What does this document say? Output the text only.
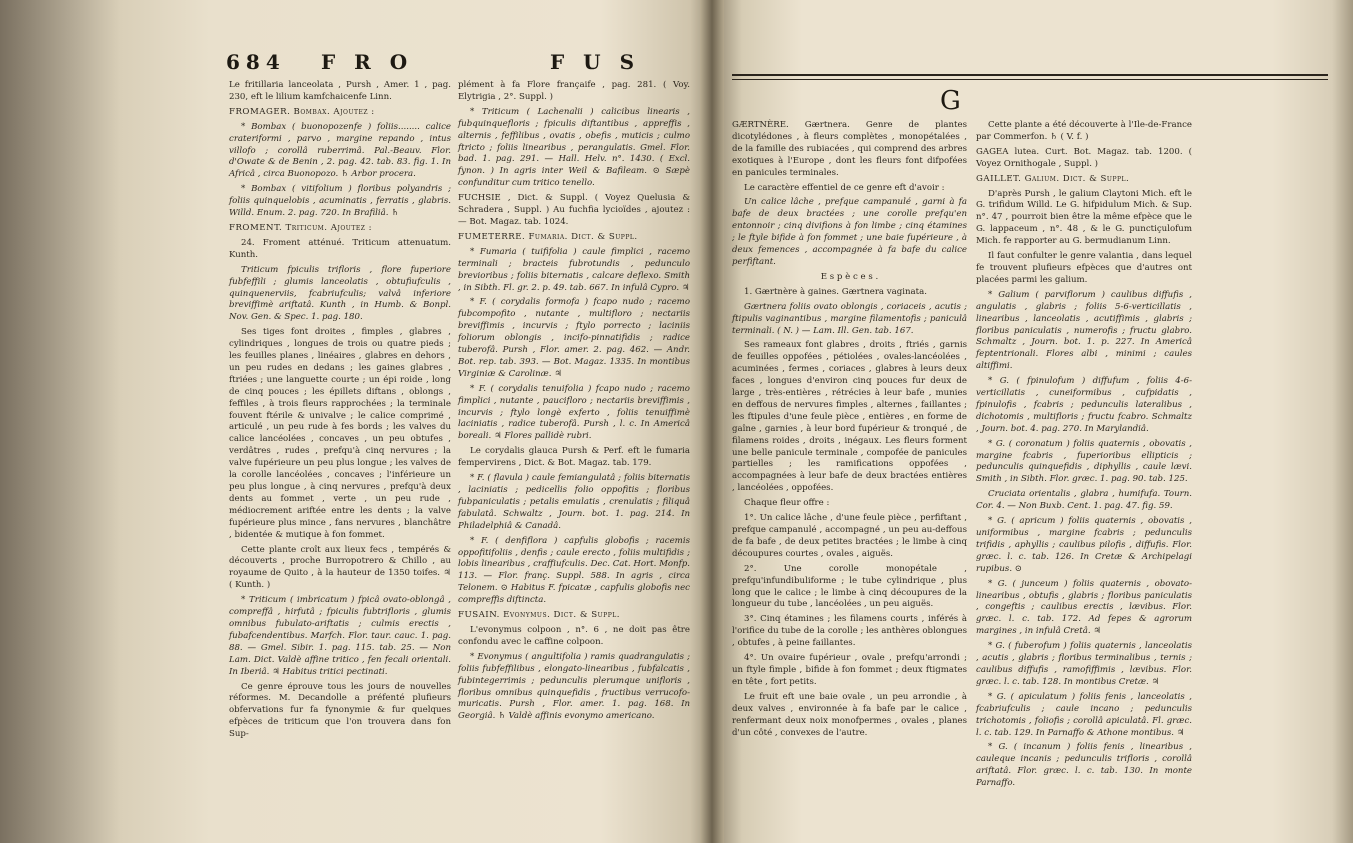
684 F R O	F U S

Le fritillaria lanceolata , Pursh , Amer. 1 , pag. 230, eft le lilium kamfchaicenfe Linn.

FROMAGER. Bombax. Ajoutez :

* Bombax ( buonopozenfe ) foliis........ calice crateriformi , parvo , margine repando , intus villofo ; corollâ ruberrimâ. Pal.-Beauv. Flor. d'Owate & de Benin , 2. pag. 42. tab. 83. fig. 1. In Africâ , circa Buonopozo. ♄ Arbor procera.

* Bombax ( vitifolium ) floribus polyandris ; foliis quinquelobis , acuminatis , ferratis , glabris. Willd. Enum. 2. pag. 720. In Brafiliâ. ♄

FROMENT. Triticum. Ajoutez :

24. Froment atténué. Triticum attenuatum. Kunth.

Triticum fpiculis trifloris , flore fuperiore fubfeffili ; glumis lanceolatis , obtufiufculis , quinquenerviis, fcabriufculis; valvâ inferiore breviffimè ariftatâ. Kunth , in Humb. & Bonpl. Nov. Gen. & Spec. 1. pag. 180.

Ses tiges font droites , fimples , glabres , cylindriques , longues de trois ou quatre pieds ; les feuilles planes , linéaires , glabres en dehors , un peu rudes en dedans ; les gaines glabres , ftriées ; une languette courte ; un épi roide , long de cinq pouces ; les épillets diftans , oblongs , feffiles , à trois fleurs rapprochées ; la terminale fouvent ftérile & univalve ; le calice comprimé , articulé , un peu rude à fes bords ; les valves du calice lancéolées , concaves , un peu obtufes , verdâtres , rudes , prefqu'à cinq nervures ; la valve fupérieure un peu plus longue ; les valves de la corolle lancéolées , concaves ; l'inférieure un peu plus longue , à cinq nervures , prefqu'à deux dents au fommet , verte , un peu rude , médiocrement ariftée entre les dents ; la valve fupérieure plus mince , fans nervures , blanchâtre , bidentée & mutique à fon fommet.

Cette plante croît aux lieux fecs , tempérés & découverts , proche Burropotrero & Chillo , au royaume de Quito , à la hauteur de 1350 toifes. ♃ ( Kunth. )

* Triticum ( imbricatum ) fpicâ ovato-oblongâ , compreffâ , hirfutâ ; fpiculis fubtrifloris , glumis omnibus fubulato-ariftatis ; culmis erectis , fubafcendentibus. Marfch. Flor. taur. cauc. 1. pag. 88. — Gmel. Sibir. 1. pag. 115. tab. 25. — Non Lam. Dict. Valdè affine tritico , fen fecali orientali. In Iberiâ. ♃ Habitus tritici pectinati.

Ce genre éprouve tous les jours de nouvelles réformes. M. Decandolle a préfenté plufieurs obfervations fur fa fynonymie & fur quelques efpèces de triticum que l'on trouvera dans fon Sup-

plément à fa Flore françaife , pag. 281. ( Voy. Elytrigia , 2°. Suppl. )

* Triticum ( Lachenalii ) calicibus linearis , fubquinquefloris ; fpiculis diftantibus , appreffis , alternis , feffilibus , ovatis , obefis , muticis ; culmo ftricto ; foliis linearibus , perangulatis. Gmel. Flor. bad. 1. pag. 291. — Hall. Helv. n°. 1430. ( Excl. fynon. ) In agris inter Weil & Bafileam. ⊙ Sæpè confunditur cum tritico tenello.

FUCHSIE , Dict. & Suppl. ( Voyez Quelusia & Schradera , Suppl. ) Au fuchfia lycioïdes , ajoutez : — Bot. Magaz. tab. 1024.

FUMETERRE. Fumaria. Dict. & Suppl.

* Fumaria ( tuififolia ) caule fimplici , racemo terminali ; bracteis fubrotundis , pedunculo brevioribus ; foliis biternatis , calcare deflexo. Smith , in Sibth. Fl. gr. 2. p. 49. tab. 667. In infulâ Cypro. ♃

* F. ( corydalis formofa ) fcapo nudo ; racemo fubcompofito , nutante , multifloro ; nectariis breviffimis , incurvis ; ftylo porrecto ; laciniis foliorum oblongis , incifo-pinnatifidis ; radice tuberofâ. Pursh , Flor. amer. 2. pag. 462. — Andr. Bot. rep. tab. 393. — Bot. Magaz. 1335. In montibus Virginiæ & Carolinæ. ♃

* F. ( corydalis tenuifolia ) fcapo nudo ; racemo fimplici , nutante , paucifloro ; nectariis breviffimis , incurvis ; ftylo longè exferto , foliis tenuiffimè laciniatis , radice tuberofâ. Pursh , l. c. In Americâ boreali. ♃ Flores pallidè rubri.

Le corydalis glauca Pursh & Perf. eft le fumaria fempervirens , Dict. & Bot. Magaz. tab. 179.

* F. ( flavula ) caule femiangulatâ ; foliis biternatis , laciniatis ; pedicellis folio oppofitis ; floribus fubpaniculatis ; petalis emulatis , crenulatis ; filiquâ fabulatâ. Schwaltz , Journ. bot. 1. pag. 214. In Philadelphiâ & Canadâ.

* F. ( denfiflora ) capfulis globofis ; racemis oppofitifoliis , denfis ; caule erecto , foliis multifidis ; lobis linearibus , craffiufculis. Dec. Cat. Hort. Monfp. 113. — Flor. franç. Suppl. 588. In agris , circa Telonem. ⊙ Habitus F. fpicatæ , capfulis globofis nec compreffis diftincta.

FUSAIN. Evonymus. Dict. & Suppl.

L'evonymus colpoon , n°. 6 , ne doit pas être confondu avec le caffine colpoon.

* Evonymus ( angultifolia ) ramis quadrangulatis ; foliis fubfeffilibus , elongato-linearibus , fubfalcatis , fubintegerrimis ; pedunculis plerumque unifloris , floribus omnibus quinquefidis , fructibus verrucofo-muricatis. Pursh , Flor. amer. 1. pag. 168. In Georgiâ. ♄ Valdè affinis evonymo americano.

G

GÆRTNÈRE. Gærtnera. Genre de plantes dicotylédones , à fleurs complètes , monopétalées , de la famille des rubiacées , qui comprend des arbres exotiques à l'Europe , dont les fleurs font difpofées en panicules terminales.

Le caractère effentiel de ce genre eft d'avoir :

Un calice lâche , prefque campanulé , garni à fa bafe de deux bractées ; une corolle prefqu'en entonnoir ; cinq divifions à fon limbe ; cinq étamines ; le ftyle bifide à fon fommet ; une baie fupérieure , à deux femences , accompagnée à fa bafe du calice perfiftant.

E s p è c e s .

1. Gærtnère à gaines. Gærtnera vaginata.

Gærtnera foliis ovato oblongis , coriaceis , acutis ; ftipulis vaginantibus , margine filamentofis ; paniculâ terminali. ( N. ) — Lam. Ill. Gen. tab. 167.

Ses rameaux font glabres , droits , ftriés , garnis de feuilles oppofées , pétiolées , ovales-lancéolées , acuminées , fermes , coriaces , glabres à leurs deux faces , longues d'environ cinq pouces fur deux de large , très-entières , rétrécies à leur bafe , munies en deffous de nervures fimples , alternes , faillantes ; les ftipules d'une feule pièce , entières , en forme de gaîne , garnies , à leur bord fupérieur & tronqué , de filamens roides , droits , inégaux. Les fleurs forment une belle panicule terminale , compofée de panicules partielles ; les ramifications oppofées , accompagnées à leur bafe de deux bractées entières , lancéolées , oppofées.

Chaque fleur offre :

1°. Un calice lâche , d'une feule pièce , perfiftant , prefque campanulé , accompagné , un peu au-deffous de fa bafe , de deux petites bractées ; le limbe à cinq découpures courtes , ovales , aiguës.

2°. Une corolle monopétale , prefqu'infundibuliforme ; le tube cylindrique , plus long que le calice ; le limbe à cinq découpures de la longueur du tube , lancéolées , un peu aiguës.

3°. Cinq étamines ; les filamens courts , inférés à l'orifice du tube de la corolle ; les anthères oblongues , obtufes , à peine faillantes.

4°. Un ovaire fupérieur , ovale , prefqu'arrondi ; un ftyle fimple , bifide à fon fommet ; deux ftigmates en tête , fort petits.

Le fruit eft une baie ovale , un peu arrondie , à deux valves , environnée à fa bafe par le calice , renfermant deux noix monofpermes , ovales , planes d'un côté , convexes de l'autre.

Cette plante a été découverte à l'Ile-de-France par Commerfon. ♄ ( V. f. )

GAGEA lutea. Curt. Bot. Magaz. tab. 1200. ( Voyez Ornithogale , Suppl. )

GAILLET. Galium. Dict. & Suppl.

D'après Pursh , le galium Claytoni Mich. eft le G. trifidum Willd. Le G. hifpidulum Mich. & Sup. n°. 47 , pourroit bien être la même efpèce que le G. lappaceum , n°. 48 , & le G. punctiçulofum Mich. fe rapporter au G. bermudianum Linn.

Il faut confulter le genre valantia , dans lequel fe trouvent plufieurs efpèces que d'autres ont placées parmi les galium.

* Galium ( parviflorum ) caulibus diffufis , angulatis , glabris ; foliis 5-6-verticillatis , linearibus , lanceolatis , acutiffimis , glabris ; floribus paniculatis , numerofis ; fructu glabro. Schmaltz , Journ. bot. 1. p. 227. In Americâ feptentrionali. Flores albi , minimi ; caules altiffimi.

* G. ( fpinulofum ) diffufum , foliis 4-6-verticillatis , cuneiformibus , cufpidatis , fpinulofis , fcabris ; pedunculis lateralibus , dichotomis , multifloris ; fructu fcabro. Schmaltz , Journ. bot. 4. pag. 270. In Marylandiâ.

* G. ( coronatum ) foliis quaternis , obovatis , margine fcabris , fuperioribus ellipticis ; pedunculis quinquefidis , diphyllis , caule lævi. Smith , in Sibth. Flor. græc. 1. pag. 90. tab. 125.

Cruciata orientalis , glabra , humifufa. Tourn. Cor. 4. — Non Buxb. Cent. 1. pag. 47. fig. 59.

* G. ( apricum ) foliis quaternis , obovatis , uniformibus , margine fcabris ; pedunculis trifidis , aphyllis ; caulibus pilofis , diffufis. Flor. græc. l. c. tab. 126. In Cretæ & Archipelagi rupibus. ⊙

* G. ( junceum ) foliis quaternis , obovato-linearibus , obtufis , glabris ; floribus paniculatis , congeftis ; caulibus erectis , lævibus. Flor. græc. l. c. tab. 172. Ad fepes & agrorum margines , in infulâ Cretâ. ♃

* G. ( fuberofum ) foliis quaternis , lanceolatis , acutis , glabris ; floribus terminalibus , ternis ; caulibus diffufis , ramofiffimis , lævibus. Flor. græc. l. c. tab. 128. In montibus Cretæ. ♃

* G. ( apiculatum ) foliis fenis , lanceolatis , fcabriufculis ; caule incano ; pedunculis trichotomis , foliofis ; corollâ apiculatâ. Fl. græc. l. c. tab. 129. In Parnaffo & Athone montibus. ♃

* G. ( incanum ) foliis fenis , linearibus , cauleque incanis ; pedunculis trifloris , corollâ ariftatâ. Flor. græc. l. c. tab. 130. In monte Parnaffo.
